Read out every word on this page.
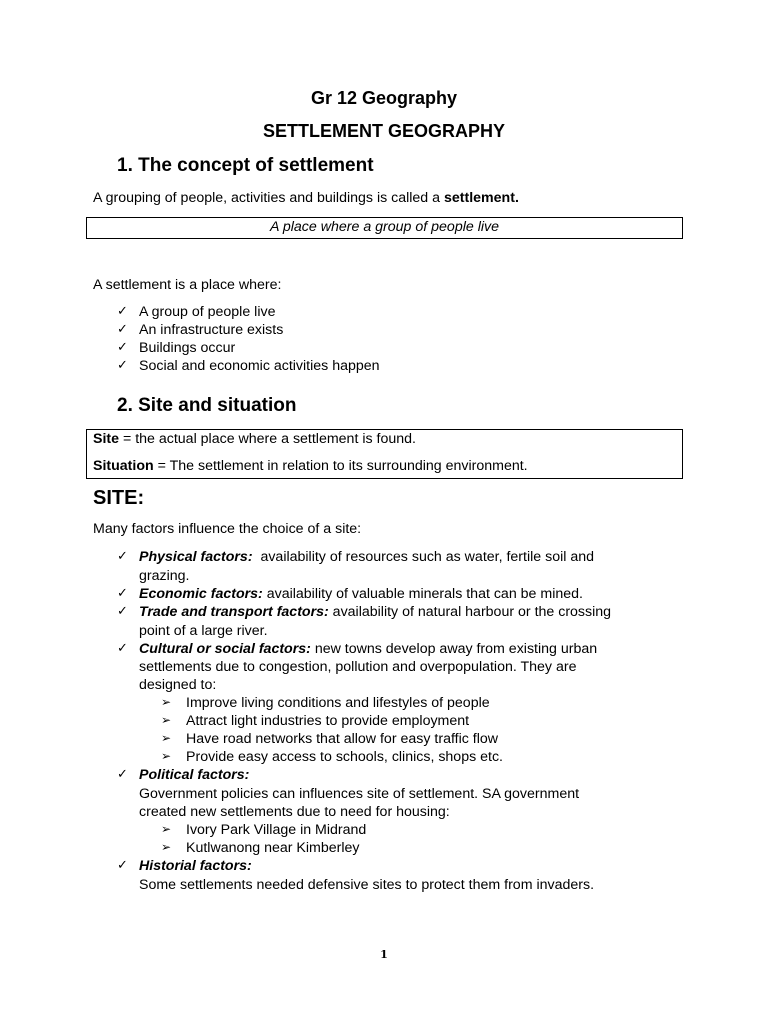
Gr 12 Geography
SETTLEMENT GEOGRAPHY
1. The concept of settlement
A grouping of people, activities and buildings is called a settlement.
A place where a group of people live
A settlement is a place where:
✓ A group of people live
✓ An infrastructure exists
✓ Buildings occur
✓ Social and economic activities happen
2. Site and situation
Site = the actual place where a settlement is found.
Situation = The settlement in relation to its surrounding environment.
SITE:
Many factors influence the choice of a site:
✓ Physical factors:  availability of resources such as water, fertile soil and
grazing.
✓ Economic factors: availability of valuable minerals that can be mined.
✓ Trade and transport factors: availability of natural harbour or the crossing
point of a large river.
✓ Cultural or social factors: new towns develop away from existing urban
settlements due to congestion, pollution and overpopulation. They are
designed to:
➢ Improve living conditions and lifestyles of people
➢ Attract light industries to provide employment
➢ Have road networks that allow for easy traffic flow
➢ Provide easy access to schools, clinics, shops etc.
✓ Political factors:
Government policies can influences site of settlement. SA government
created new settlements due to need for housing:
➢ Ivory Park Village in Midrand
➢ Kutlwanong near Kimberley
✓ Historial factors:
Some settlements needed defensive sites to protect them from invaders.
1
